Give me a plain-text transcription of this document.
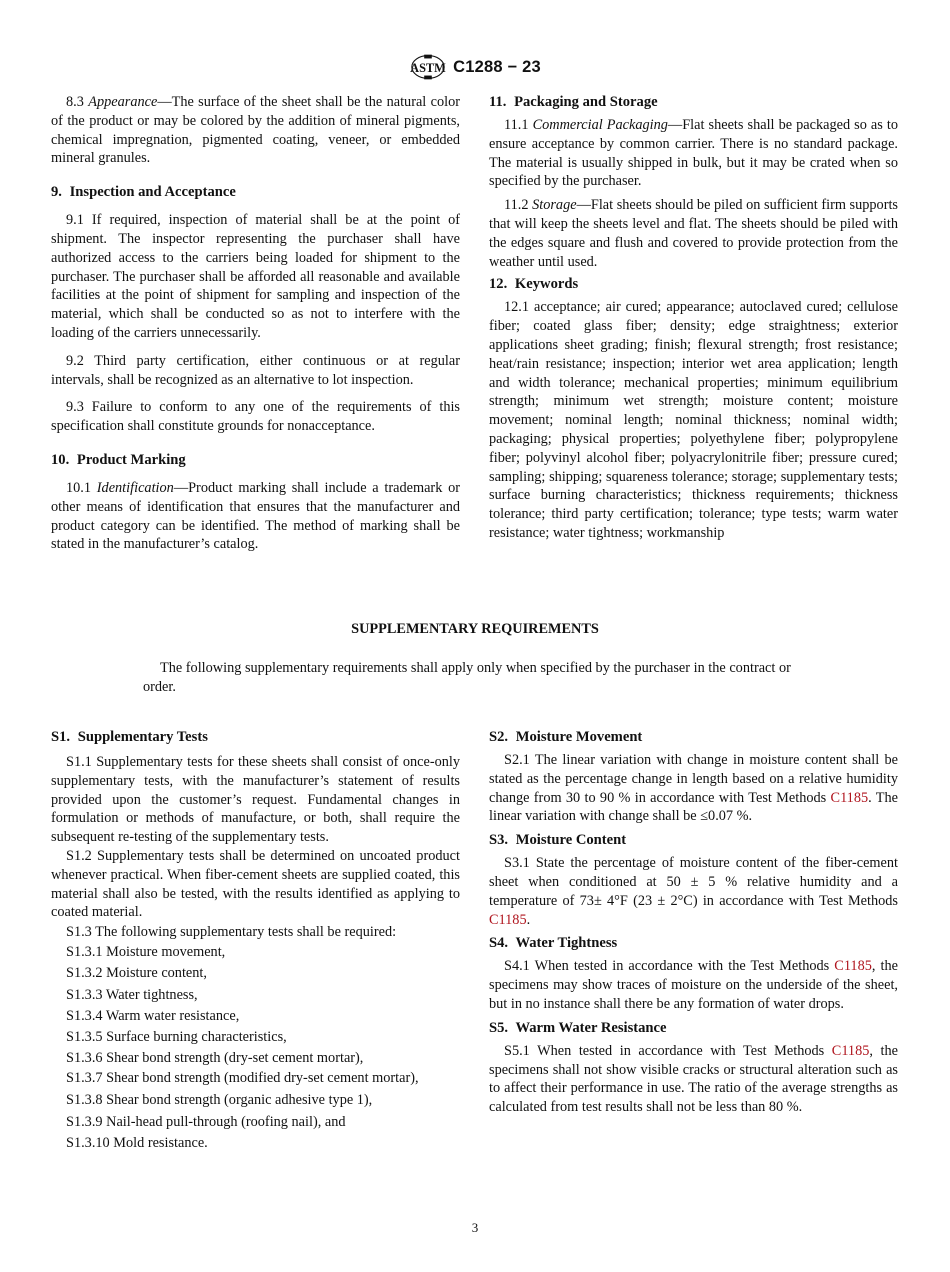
ASTM C1288 − 23

8.3 Appearance—The surface of the sheet shall be the natural color of the product or may be colored by the addition of mineral pigments, chemical impregnation, pigmented coating, veneer, or embedded mineral granules.

9. Inspection and Acceptance

9.1 If required, inspection of material shall be at the point of shipment. The inspector representing the purchaser shall have authorized access to the carriers being loaded for shipment to the purchaser. The purchaser shall be afforded all reasonable and available facilities at the point of shipment for sampling and inspection of the material, which shall be conducted so as not to interfere with the loading of the carriers unnecessarily.

9.2 Third party certification, either continuous or at regular intervals, shall be recognized as an alternative to lot inspection.

9.3 Failure to conform to any one of the requirements of this specification shall constitute grounds for nonacceptance.

10. Product Marking

10.1 Identification—Product marking shall include a trademark or other means of identification that ensures that the manufacturer and product category can be identified. The method of marking shall be stated in the manufacturer’s catalog.

11. Packaging and Storage

11.1 Commercial Packaging—Flat sheets shall be packaged so as to ensure acceptance by common carrier. There is no standard package. The material is usually shipped in bulk, but it may be crated when so specified by the purchaser.

11.2 Storage—Flat sheets should be piled on sufficient firm supports that will keep the sheets level and flat. The sheets should be piled with the edges square and flush and covered to provide protection from the weather until used.

12. Keywords

12.1 acceptance; air cured; appearance; autoclaved cured; cellulose fiber; coated glass fiber; density; edge straightness; exterior applications sheet grading; finish; flexural strength; frost resistance; heat/rain resistance; inspection; interior wet area application; length and width tolerance; mechanical properties; minimum equilibrium strength; minimum wet strength; moisture content; moisture movement; nominal length; nominal thickness; nominal width; packaging; physical properties; polyethylene fiber; polypropylene fiber; polyvinyl alcohol fiber; polyacrylonitrile fiber; pressure cured; sampling; shipping; squareness tolerance; storage; supplementary tests; surface burning characteristics; thickness requirements; thickness tolerance; third party certification; tolerance; type tests; warm water resistance; water tightness; workmanship

SUPPLEMENTARY REQUIREMENTS
The following supplementary requirements shall apply only when specified by the purchaser in the contract or order.
S1. Supplementary Tests

S1.1 Supplementary tests for these sheets shall consist of once-only supplementary tests, with the manufacturer’s statement of results provided upon the customer’s request. Fundamental changes in formulation or methods of manufacture, or both, shall require the subsequent re-testing of the supplementary tests.

S1.2 Supplementary tests shall be determined on uncoated product whenever practical. When fiber-cement sheets are supplied coated, this material shall also be tested, with the results identified as applying to coated material.

S1.3 The following supplementary tests shall be required:

S1.3.1 Moisture movement,

S1.3.2 Moisture content,

S1.3.3 Water tightness,

S1.3.4 Warm water resistance,

S1.3.5 Surface burning characteristics,

S1.3.6 Shear bond strength (dry-set cement mortar),

S1.3.7 Shear bond strength (modified dry-set cement mortar),

S1.3.8 Shear bond strength (organic adhesive type 1),

S1.3.9 Nail-head pull-through (roofing nail), and

S1.3.10 Mold resistance.

S2. Moisture Movement

S2.1 The linear variation with change in moisture content shall be stated as the percentage change in length based on a relative humidity change from 30 to 90 % in accordance with Test Methods C1185. The linear variation with change shall be ≤0.07 %.

S3. Moisture Content

S3.1 State the percentage of moisture content of the fiber-cement sheet when conditioned at 50 ± 5 % relative humidity and a temperature of 73± 4°F (23 ± 2°C) in accordance with Test Methods C1185.

S4. Water Tightness

S4.1 When tested in accordance with the Test Methods C1185, the specimens may show traces of moisture on the underside of the sheet, but in no instance shall there be any formation of water drops.

S5. Warm Water Resistance

S5.1 When tested in accordance with Test Methods C1185, the specimens shall not show visible cracks or structural alteration such as to affect their performance in use. The ratio of the average strengths as calculated from test results shall not be less than 80 %.

3
